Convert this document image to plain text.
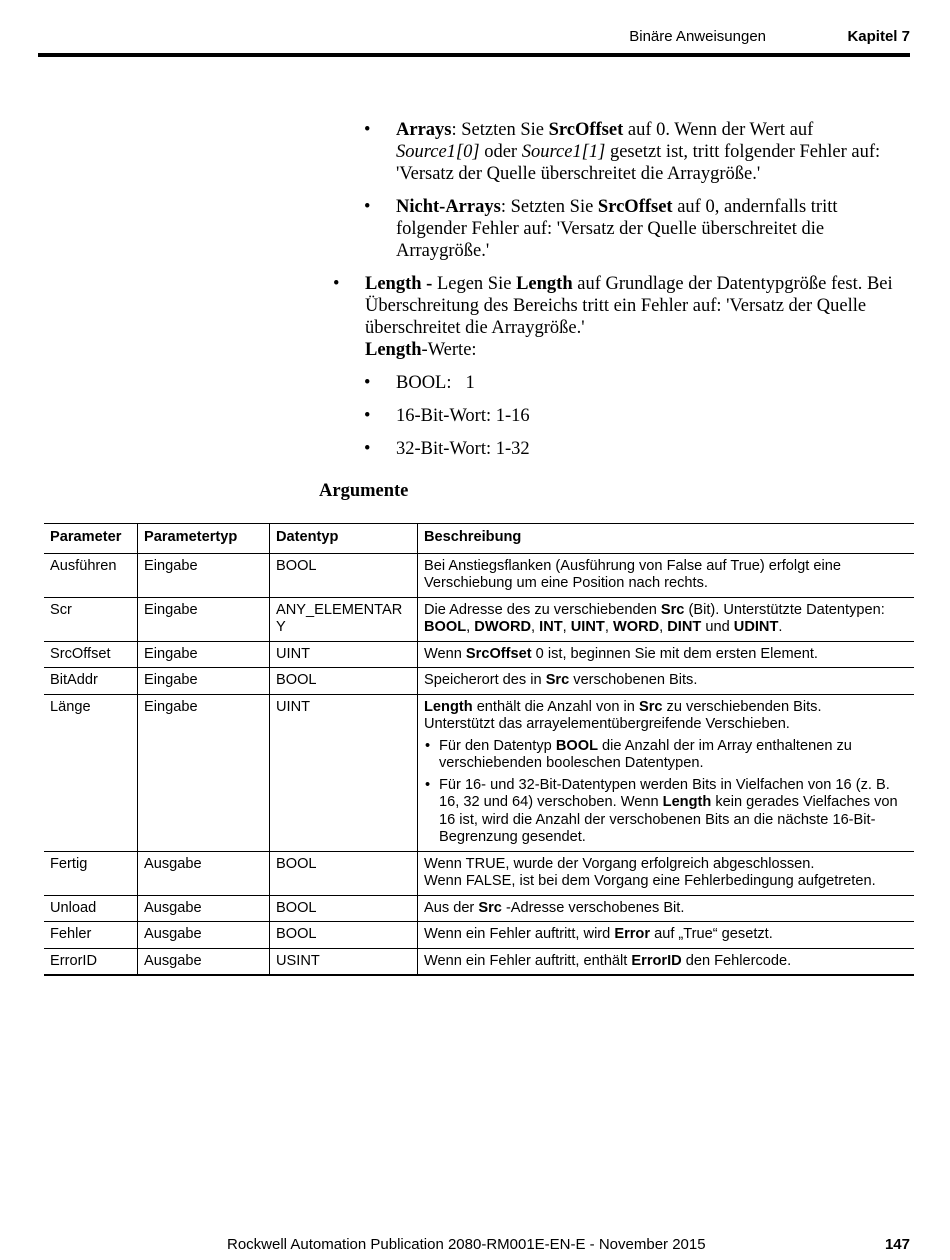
Binäre Anweisungen	Kapitel 7
• Arrays: Setzten Sie SrcOffset auf 0. Wenn der Wert auf
Source1[0] oder Source1[1] gesetzt ist, tritt folgender Fehler auf:
'Versatz der Quelle überschreitet die Arraygröße.'
• Nicht-Arrays: Setzten Sie SrcOffset auf 0, andernfalls tritt
folgender Fehler auf: 'Versatz der Quelle überschreitet die
Arraygröße.'
• Length - Legen Sie Length auf Grundlage der Datentypgröße fest. Bei
Überschreitung des Bereichs tritt ein Fehler auf: 'Versatz der Quelle
überschreitet die Arraygröße.'
Length-Werte:
• BOOL: 1
• 16-Bit-Wort: 1-16
• 32-Bit-Wort: 1-32
Argumente
Parameter	Parametertyp	Datentyp	Beschreibung
Ausführen	Eingabe	BOOL	Bei Anstiegsflanken (Ausführung von False auf True) erfolgt eine Verschiebung um eine Position nach rechts.
Scr	Eingabe	ANY_ELEMENTAR Y	Die Adresse des zu verschiebenden Src (Bit). Unterstützte Datentypen: BOOL, DWORD, INT, UINT, WORD, DINT und UDINT.
SrcOffset	Eingabe	UINT	Wenn SrcOffset 0 ist, beginnen Sie mit dem ersten Element.
BitAddr	Eingabe	BOOL	Speicherort des in Src verschobenen Bits.
Länge	Eingabe	UINT	Length enthält die Anzahl von in Src zu verschiebenden Bits.
Unterstützt das arrayelementübergreifende Verschieben.
• Für den Datentyp BOOL die Anzahl der im Array enthaltenen zu verschiebenden booleschen Datentypen.
• Für 16- und 32-Bit-Datentypen werden Bits in Vielfachen von 16 (z. B. 16, 32 und 64) verschoben. Wenn Length kein gerades Vielfaches von 16 ist, wird die Anzahl der verschobenen Bits an die nächste 16-Bit-Begrenzung gesendet.

Fertig	Ausgabe	BOOL	Wenn TRUE, wurde der Vorgang erfolgreich abgeschlossen.
Wenn FALSE, ist bei dem Vorgang eine Fehlerbedingung aufgetreten.

Unload	Ausgabe	BOOL	Aus der Src -Adresse verschobenes Bit.
Fehler	Ausgabe	BOOL	Wenn ein Fehler auftritt, wird Error auf „True“ gesetzt.
ErrorID	Ausgabe	USINT	Wenn ein Fehler auftritt, enthält ErrorID den Fehlercode.
Rockwell Automation Publication 2080-RM001E-EN-E - November 2015	147
